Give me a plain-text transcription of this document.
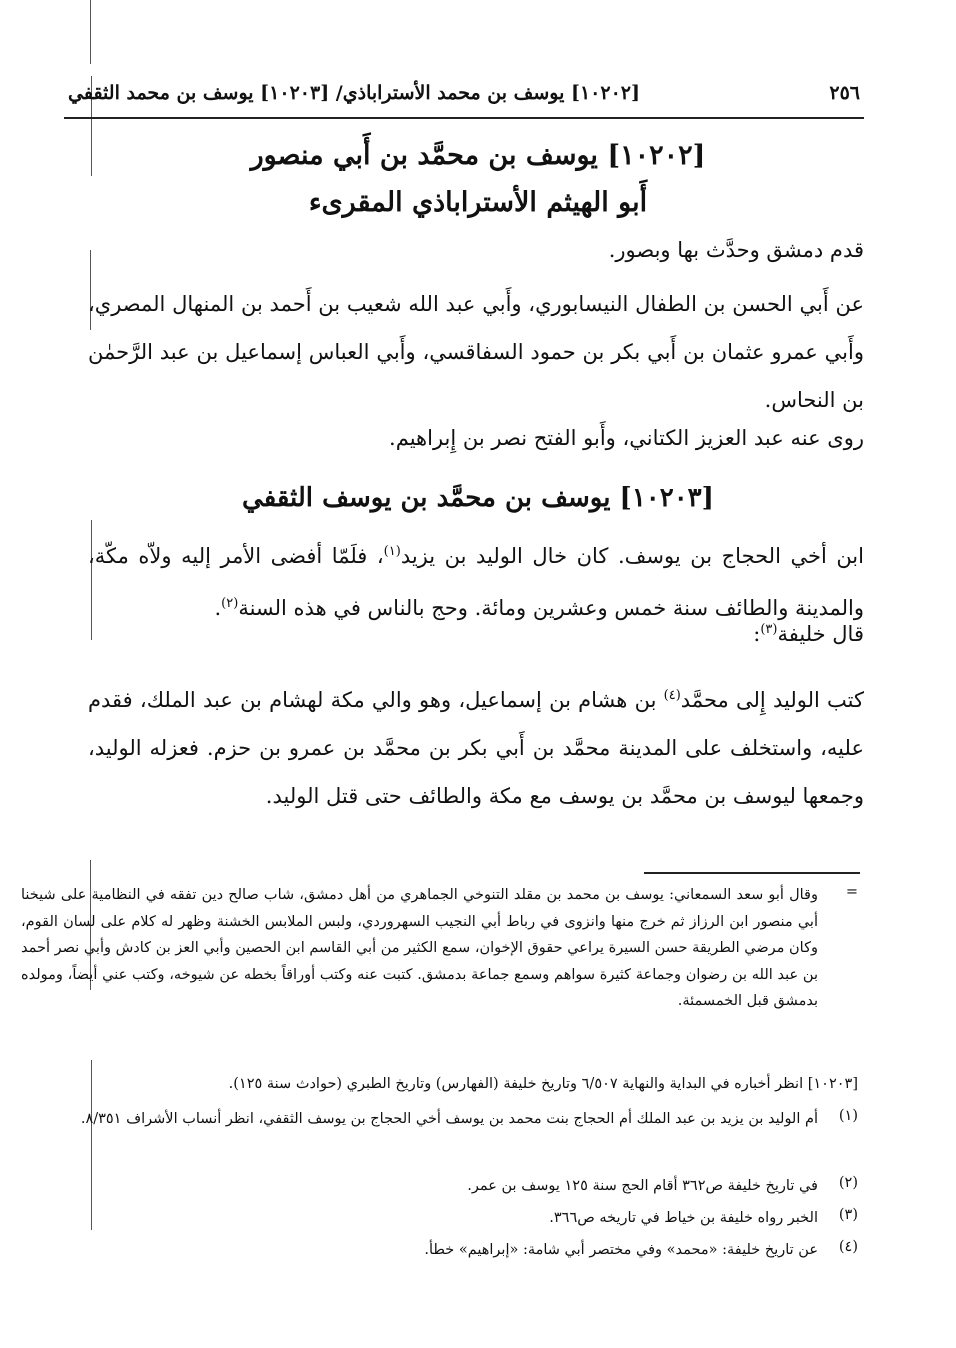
٢٥٦
[١٠٢٠٢] يوسف بن محمد الأستراباذي/ [١٠٢٠٣] يوسف بن محمد الثقفي
[١٠٢٠٢] يوسف بن محمَّد بن أَبي منصور
أَبو الهيثم الأستراباذي المقرىء
قدم دمشق وحدَّث بها وبصور.
عن أَبي الحسن بن الطفال النيسابوري، وأَبي عبد الله شعيب بن أَحمد بن المنهال المصري، وأَبي عمرو عثمان بن أَبي بكر بن حمود السفاقسي، وأَبي العباس إسماعيل بن عبد الرَّحمٰن بن النحاس.
روى عنه عبد العزيز الكتاني، وأَبو الفتح نصر بن إِبراهيم.
[١٠٢٠٣] يوسف بن محمَّد بن يوسف الثقفي
ابن أخي الحجاج بن يوسف. كان خال الوليد بن يزيد$^{(١)}$، فلَمّا أفضى الأمر إليه ولاّه مكّة، والمدينة والطائف سنة خمس وعشرين ومائة. وحج بالناس في هذه السنة$^{(٢)}$.
قال خليفة$^{(٣)}$:
كتب الوليد إِلى محمَّد$^{(٤)}$ بن هشام بن إسماعيل، وهو والي مكة لهشام بن عبد الملك، فقدم عليه، واستخلف على المدينة محمَّد بن أَبي بكر بن محمَّد بن عمرو بن حزم. فعزله الوليد، وجمعها ليوسف بن محمَّد بن يوسف مع مكة والطائف حتى قتل الوليد.
=
وقال أبو سعد السمعاني: يوسف بن محمد بن مقلد التنوخي الجماهري من أهل دمشق، شاب صالح دين تفقه في النظامية على شيخنا أبي منصور ابن الرزاز ثم خرج منها وانزوى في رباط أبي النجيب السهروردي، ولبس الملابس الخشنة وظهر له كلام على لسان القوم، وكان مرضي الطريقة حسن السيرة يراعي حقوق الإخوان، سمع الكثير من أبي القاسم ابن الحصين وأبي العز بن كادش وأبي نصر أحمد بن عبد الله بن رضوان وجماعة كثيرة سواهم وسمع جماعة بدمشق. كتبت عنه وكتب أوراقاً بخطه عن شيوخه، وكتب عني أيضاً، ومولده بدمشق قبل الخمسمئة.
[١٠٢٠٣] انظر أخباره في البداية والنهاية ٦/٥٠٧ وتاريخ خليفة (الفهارس) وتاريخ الطبري (حوادث سنة ١٢٥).
(١)
أم الوليد بن يزيد بن عبد الملك أم الحجاج بنت محمد بن يوسف أخي الحجاج بن يوسف الثقفي، انظر أنساب الأشراف ٨/٣٥١.
(٢)
في تاريخ خليفة ص٣٦٢ أقام الحج سنة ١٢٥ يوسف بن عمر.
(٣)
الخبر رواه خليفة بن خياط في تاريخه ص٣٦٦.
(٤)
عن تاريخ خليفة: «محمد» وفي مختصر أبي شامة: «إبراهيم» خطأ.
